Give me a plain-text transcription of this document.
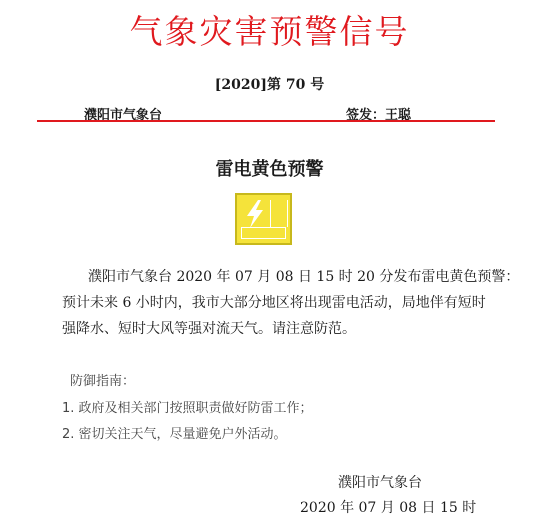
气象灾害预警信号
[2020]第 70 号
濮阳市气象台	签发：王聪
雷电黄色预警
濮阳市气象台 2020 年 07 月 08 日 15 时 20 分发布雷电黄色预警：
预计未来 6 小时内，我市大部分地区将出现雷电活动，局地伴有短时
强降水、短时大风等强对流天气。请注意防范。
防御指南：
1. 政府及相关部门按照职责做好防雷工作；
2. 密切关注天气，尽量避免户外活动。
濮阳市气象台
2020 年 07 月 08 日 15 时
